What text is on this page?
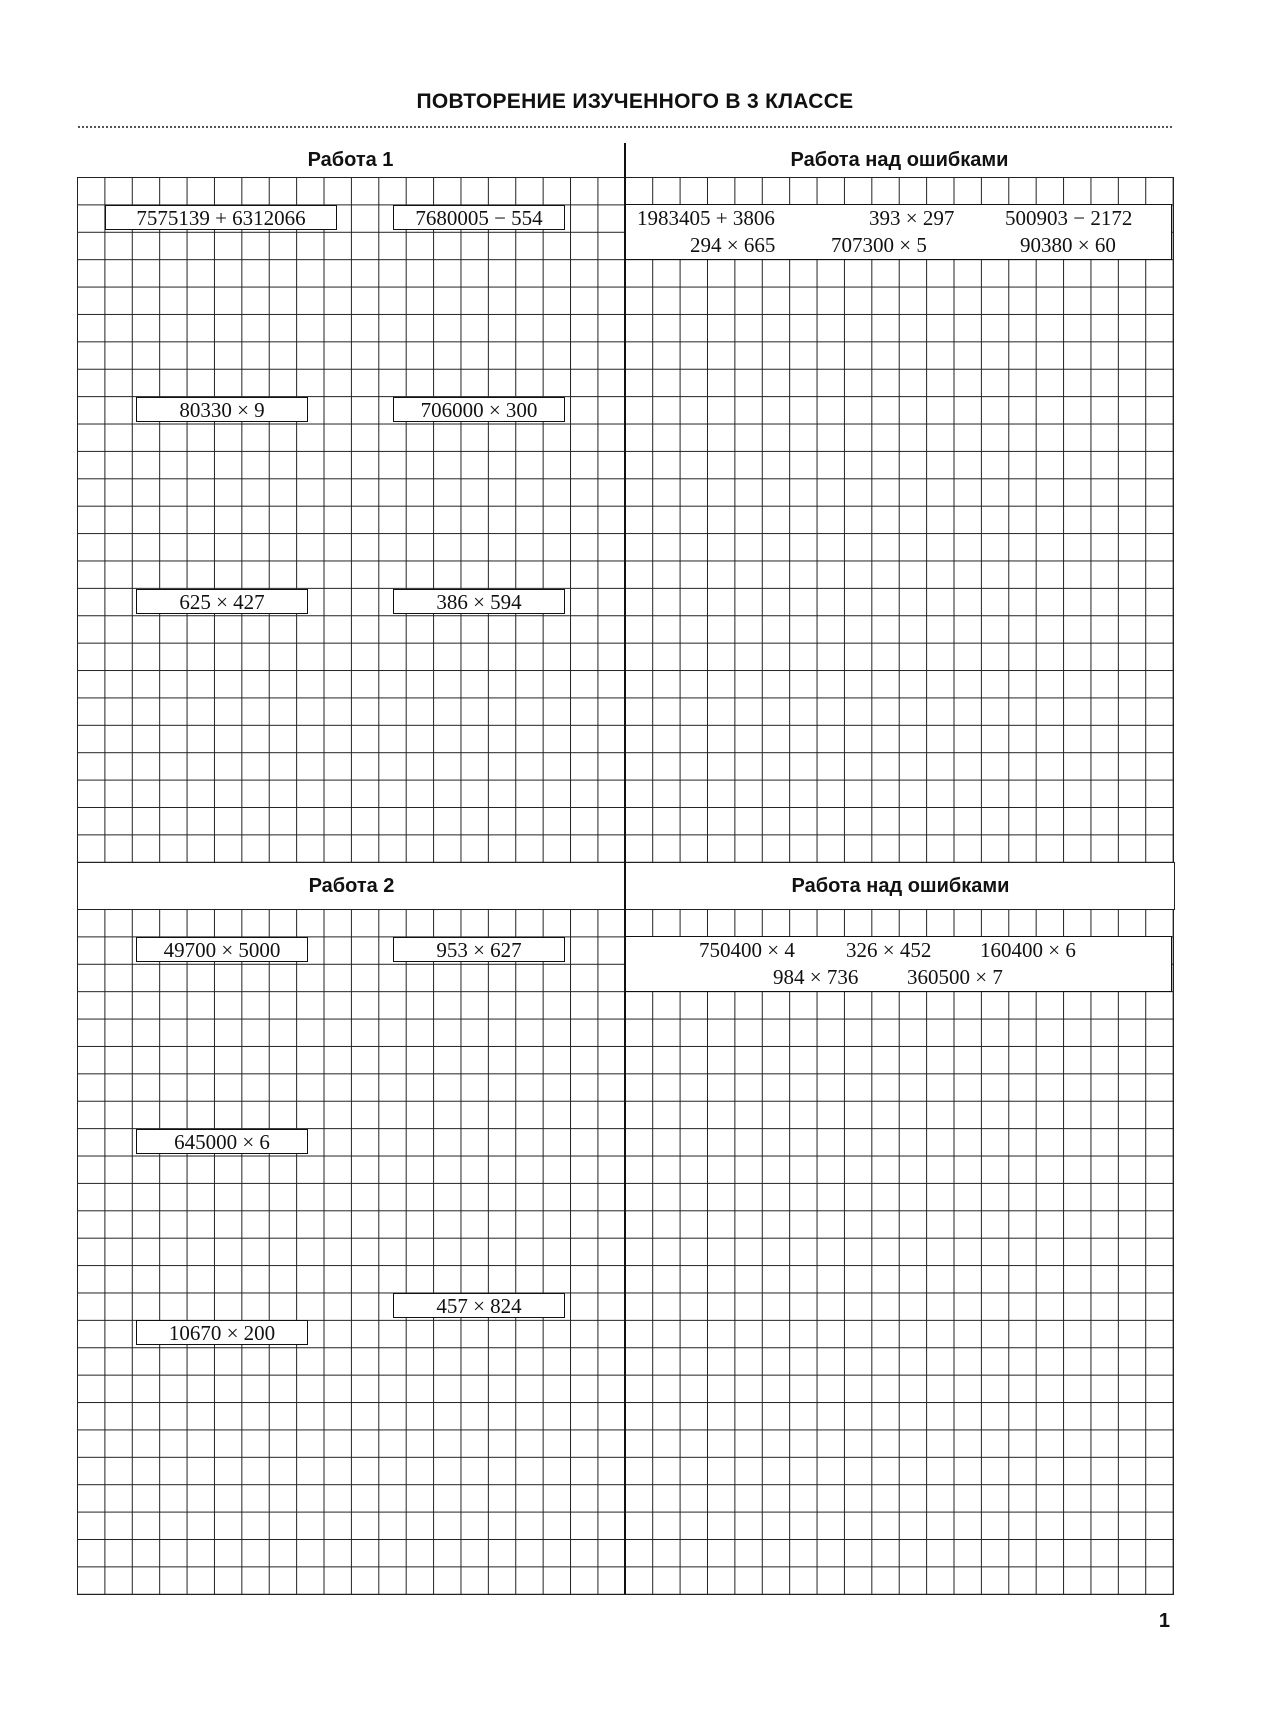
ПОВТОРЕНИЕ ИЗУЧЕННОГО В 3 КЛАССЕ
Работа 1	Работа над ошибками
7575139 + 6312066	7680005 − 554
80330 × 9	706000 × 300
625 × 427	386 × 594
1983405 + 3806	393 × 297 500903 − 2172
294 × 665	707300 × 5	90380 × 60
Работа 2	Работа над ошибками
49700 × 5000	953 × 627
645000 × 6
457 × 824
10670 × 200
750400 × 4 326 × 452 160400 × 6
984 × 736 360500 × 7
1
